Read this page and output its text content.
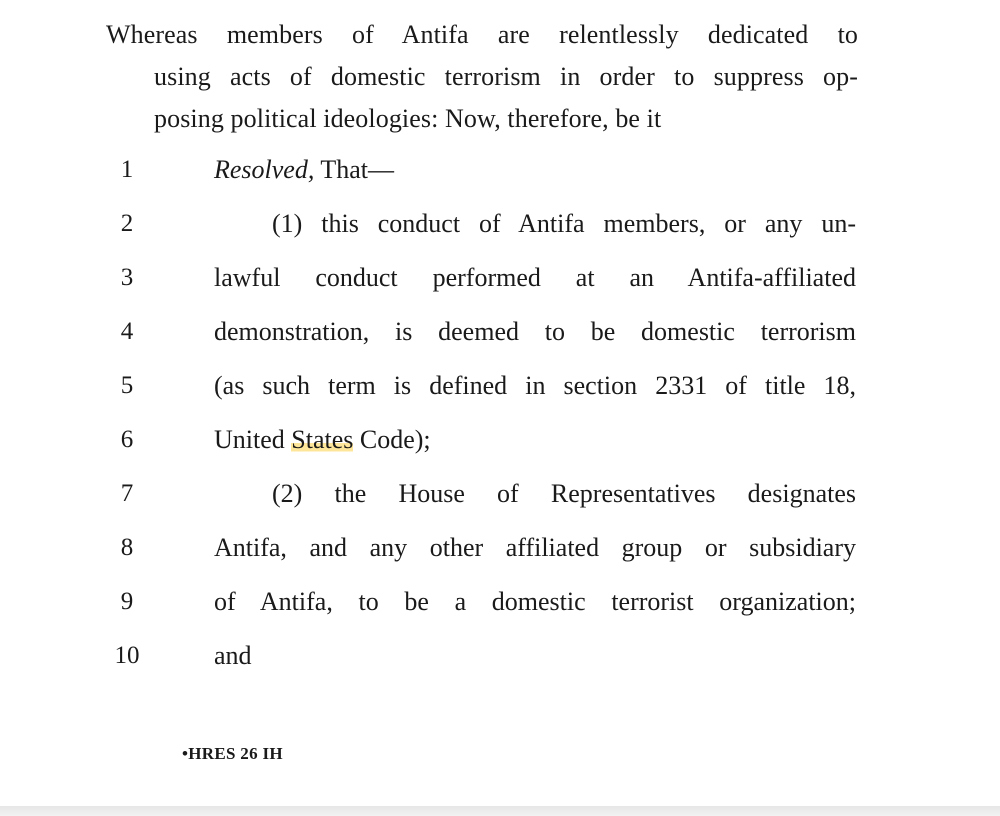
Whereas members of Antifa are relentlessly dedicated to
using acts of domestic terrorism in order to suppress op-
posing political ideologies: Now, therefore, be it
1	Resolved, That—
2	(1) this conduct of Antifa members, or any un-
3	lawful conduct performed at an Antifa-affiliated
4	demonstration, is deemed to be domestic terrorism
5	(as such term is defined in section 2331 of title 18,
6	United States Code);
7	(2) the House of Representatives designates
8	Antifa, and any other affiliated group or subsidiary
9	of Antifa, to be a domestic terrorist organization;
10	and
•HRES 26 IH
